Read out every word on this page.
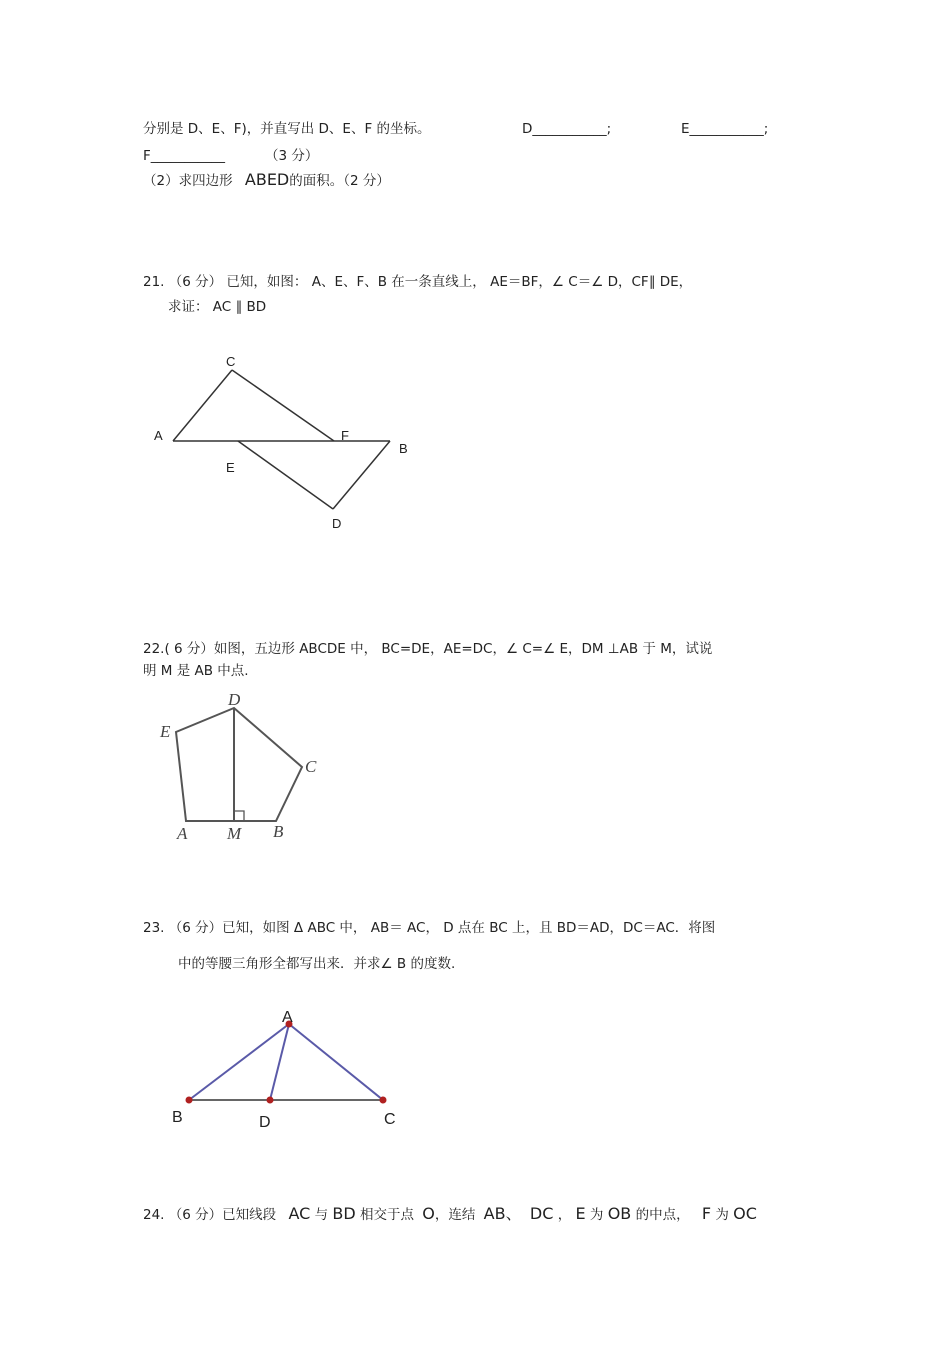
分别是 D、E、F)，并直写出 D、E、F 的坐标。	D___________;	E___________;
F___________	（3 分）
（2）求四边形 ABED的面积。（2 分）
21. （6 分） 已知，如图： A、E、F、B 在一条直线上， AE＝BF，∠ C＝∠ D，CF∥ DE，
求证： AC ∥ BD
C
A	F
B
E
D
22.( 6 分）如图，五边形 ABCDE 中， BC=DE，AE=DC，∠ C=∠ E，DM ⊥AB 于 M，试说
明 M 是 AB 中点.
D
E
C
A M B
23. （6 分）已知，如图 Δ ABC 中， AB＝ AC， D 点在 BC 上，且 BD＝AD，DC＝AC．将图
中的等腰三角形全都写出来．并求∠ B 的度数.
A
B	D	C
24. （6 分）已知线段 AC 与 BD 相交于点 O，连结 AB、 DC ， E 为 OB 的中点， F 为 OC
